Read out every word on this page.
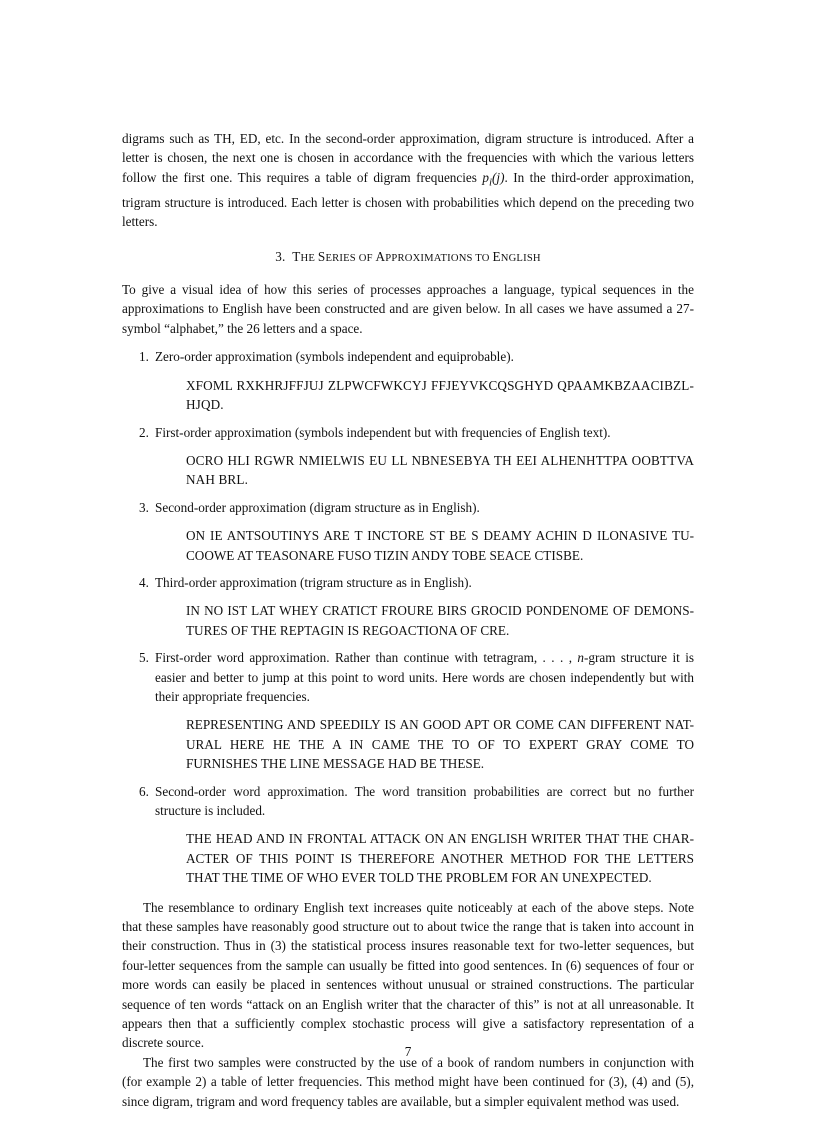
digrams such as TH, ED, etc. In the second-order approximation, digram structure is introduced. After a letter is chosen, the next one is chosen in accordance with the frequencies with which the various letters follow the first one. This requires a table of digram frequencies $p_i(j)$. In the third-order approximation, trigram structure is introduced. Each letter is chosen with probabilities which depend on the preceding two letters.

3. THE SERIES OF APPROXIMATIONS TO ENGLISH

To give a visual idea of how this series of processes approaches a language, typical sequences in the approximations to English have been constructed and are given below. In all cases we have assumed a 27-symbol “alphabet,” the 26 letters and a space.

1. Zero-order approximation (symbols independent and equiprobable).
XFOML RXKHRJFFJUJ ZLPWCFWKCYJ FFJEYVKCQSGHYD QPAAMKBZAACIBZL-HJQD.
2. First-order approximation (symbols independent but with frequencies of English text).
OCRO HLI RGWR NMIELWIS EU LL NBNESEBYA TH EEI ALHENHTTPA OOBTTVA NAH BRL.
3. Second-order approximation (digram structure as in English).
ON IE ANTSOUTINYS ARE T INCTORE ST BE S DEAMY ACHIN D ILONASIVE TU-COOWE AT TEASONARE FUSO TIZIN ANDY TOBE SEACE CTISBE.
4. Third-order approximation (trigram structure as in English).
IN NO IST LAT WHEY CRATICT FROURE BIRS GROCID PONDENOME OF DEMONS-TURES OF THE REPTAGIN IS REGOACTIONA OF CRE.
5. First-order word approximation. Rather than continue with tetragram, . . . , n-gram structure it is easier and better to jump at this point to word units. Here words are chosen independently but with their appropriate frequencies.
REPRESENTING AND SPEEDILY IS AN GOOD APT OR COME CAN DIFFERENT NAT-URAL HERE HE THE A IN CAME THE TO OF TO EXPERT GRAY COME TO FURNISHES THE LINE MESSAGE HAD BE THESE.
6. Second-order word approximation. The word transition probabilities are correct but no further structure is included.
THE HEAD AND IN FRONTAL ATTACK ON AN ENGLISH WRITER THAT THE CHAR-ACTER OF THIS POINT IS THEREFORE ANOTHER METHOD FOR THE LETTERS THAT THE TIME OF WHO EVER TOLD THE PROBLEM FOR AN UNEXPECTED.

The resemblance to ordinary English text increases quite noticeably at each of the above steps. Note that these samples have reasonably good structure out to about twice the range that is taken into account in their construction. Thus in (3) the statistical process insures reasonable text for two-letter sequences, but four-letter sequences from the sample can usually be fitted into good sentences. In (6) sequences of four or more words can easily be placed in sentences without unusual or strained constructions. The particular sequence of ten words “attack on an English writer that the character of this” is not at all unreasonable. It appears then that a sufficiently complex stochastic process will give a satisfactory representation of a discrete source.

The first two samples were constructed by the use of a book of random numbers in conjunction with (for example 2) a table of letter frequencies. This method might have been continued for (3), (4) and (5), since digram, trigram and word frequency tables are available, but a simpler equivalent method was used.

7
